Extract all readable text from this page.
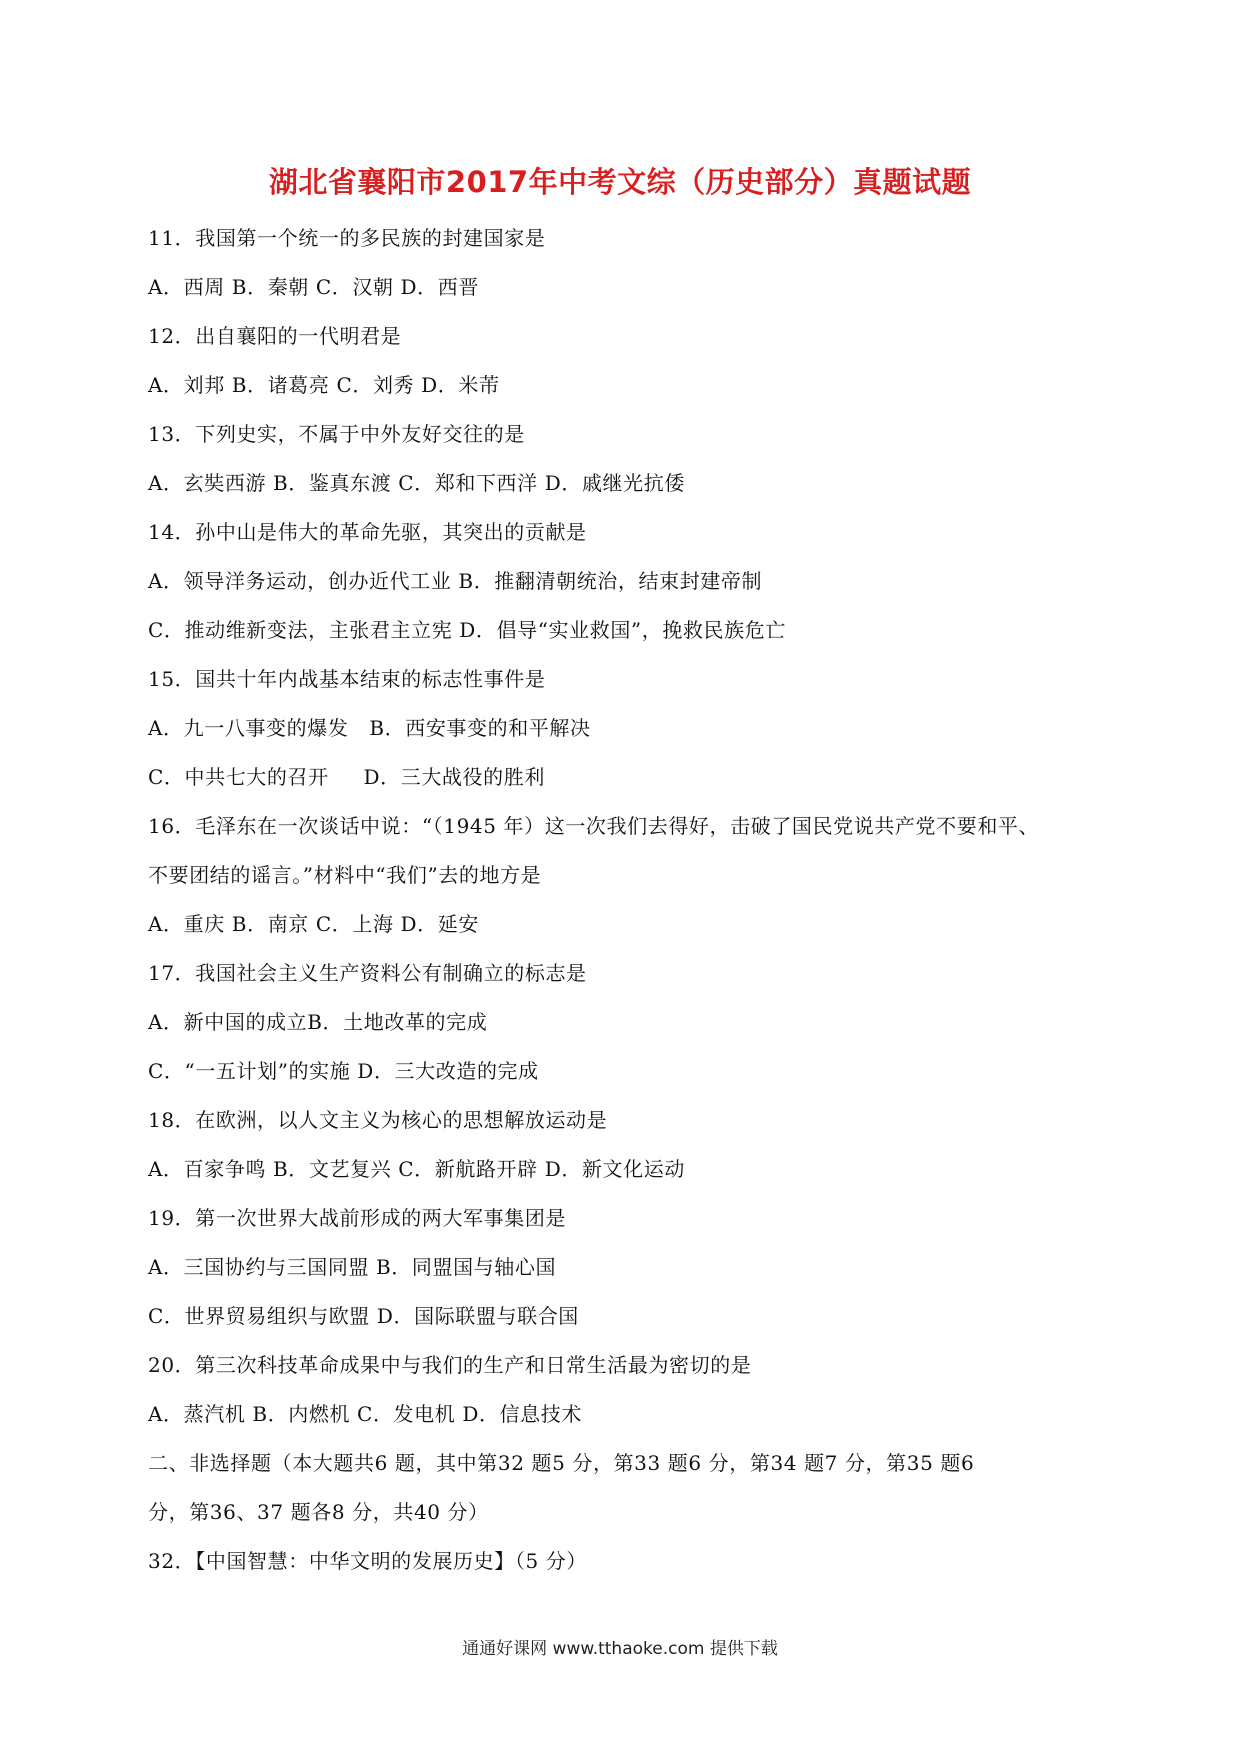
湖北省襄阳市2017年中考文综（历史部分）真题试题
11．我国第一个统一的多民族的封建国家是
A．西周 B．秦朝 C．汉朝 D．西晋
12．出自襄阳的一代明君是
A．刘邦 B．诸葛亮 C．刘秀 D．米芾
13．下列史实，不属于中外友好交往的是
A．玄奘西游 B．鉴真东渡 C．郑和下西洋 D．戚继光抗倭
14．孙中山是伟大的革命先驱，其突出的贡献是
A．领导洋务运动，创办近代工业 B．推翻清朝统治，结束封建帝制
C．推动维新变法，主张君主立宪 D．倡导“实业救国”，挽救民族危亡
15．国共十年内战基本结束的标志性事件是
A．九一八事变的爆发   B．西安事变的和平解决
C．中共七大的召开     D．三大战役的胜利
16．毛泽东在一次谈话中说：“（1945 年）这一次我们去得好，击破了国民党说共产党不要和平、
不要团结的谣言。”材料中“我们”去的地方是
A．重庆 B．南京 C．上海 D．延安
17．我国社会主义生产资料公有制确立的标志是
A．新中国的成立B．土地改革的完成
C．“一五计划”的实施 D．三大改造的完成
18．在欧洲，以人文主义为核心的思想解放运动是
A．百家争鸣 B．文艺复兴 C．新航路开辟 D．新文化运动
19．第一次世界大战前形成的两大军事集团是
A．三国协约与三国同盟 B．同盟国与轴心国
C．世界贸易组织与欧盟 D．国际联盟与联合国
20．第三次科技革命成果中与我们的生产和日常生活最为密切的是
A．蒸汽机 B．内燃机 C．发电机 D．信息技术
二、非选择题（本大题共6 题，其中第32 题5 分，第33 题6 分，第34 题7 分，第35 题6
分，第36、37 题各8 分，共40 分）
32．【中国智慧：中华文明的发展历史】（5 分）
通通好课网 www.tthaoke.com 提供下载
